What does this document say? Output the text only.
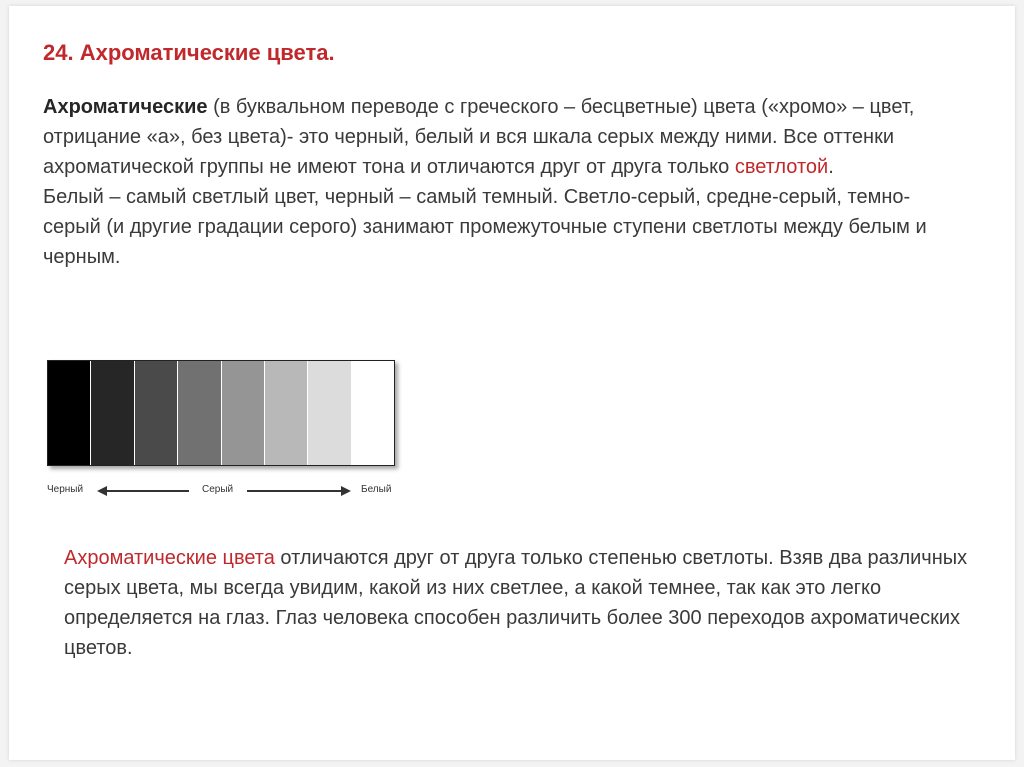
24. Ахроматические цвета.

Ахроматические (в буквальном переводе с греческого – бесцветные) цвета («хромо» – цвет, отрицание «а», без цвета)- это черный, белый и вся шкала серых между ними. Все оттенки ахроматической группы не имеют тона и отличаются друг от друга только светлотой.
Белый – самый светлый цвет, черный – самый темный. Светло-серый, средне-серый, темно-серый (и другие градации серого) занимают промежуточные ступени светлоты между белым и черным.

Черный	Серый	Белый

Ахроматические цвета отличаются друг от друга только степенью светлоты. Взяв два различных серых цвета, мы всегда увидим, какой из них светлее, а какой темнее, так как это легко определяется на глаз. Глаз человека способен различить более 300 переходов ахроматических цветов.
